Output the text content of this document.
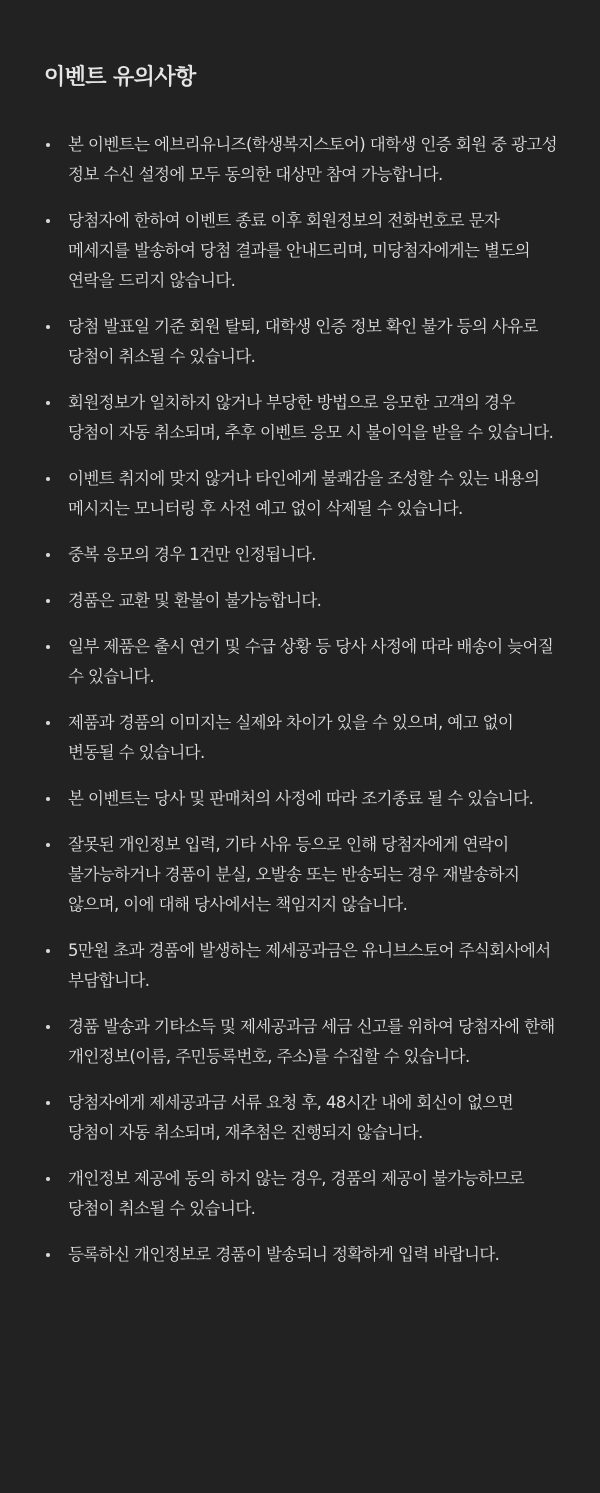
이벤트 유의사항
본 이벤트는 에브리유니즈(학생복지스토어) 대학생 인증 회원 중 광고성 정보 수신 설정에 모두 동의한 대상만 참여 가능합니다.
당첨자에 한하여 이벤트 종료 이후 회원정보의 전화번호로 문자 메세지를 발송하여 당첨 결과를 안내드리며, 미당첨자에게는 별도의 연락을 드리지 않습니다.
당첨 발표일 기준 회원 탈퇴, 대학생 인증 정보 확인 불가 등의 사유로 당첨이 취소될 수 있습니다.
회원정보가 일치하지 않거나 부당한 방법으로 응모한 고객의 경우 당첨이 자동 취소되며, 추후 이벤트 응모 시 불이익을 받을 수 있습니다.
이벤트 취지에 맞지 않거나 타인에게 불쾌감을 조성할 수 있는 내용의 메시지는 모니터링 후 사전 예고 없이 삭제될 수 있습니다.
중복 응모의 경우 1건만 인정됩니다.
경품은 교환 및 환불이 불가능합니다.
일부 제품은 출시 연기 및 수급 상황 등 당사 사정에 따라 배송이 늦어질 수 있습니다.
제품과 경품의 이미지는 실제와 차이가 있을 수 있으며, 예고 없이 변동될 수 있습니다.
본 이벤트는 당사 및 판매처의 사정에 따라 조기종료 될 수 있습니다.
잘못된 개인정보 입력, 기타 사유 등으로 인해 당첨자에게 연락이 불가능하거나 경품이 분실, 오발송 또는 반송되는 경우 재발송하지 않으며, 이에 대해 당사에서는 책임지지 않습니다.
5만원 초과 경품에 발생하는 제세공과금은 유니브스토어 주식회사에서 부담합니다.
경품 발송과 기타소득 및 제세공과금 세금 신고를 위하여 당첨자에 한해 개인정보(이름, 주민등록번호, 주소)를 수집할 수 있습니다.
당첨자에게 제세공과금 서류 요청 후, 48시간 내에 회신이 없으면 당첨이 자동 취소되며, 재추첨은 진행되지 않습니다.
개인정보 제공에 동의 하지 않는 경우, 경품의 제공이 불가능하므로 당첨이 취소될 수 있습니다.
등록하신 개인정보로 경품이 발송되니 정확하게 입력 바랍니다.
